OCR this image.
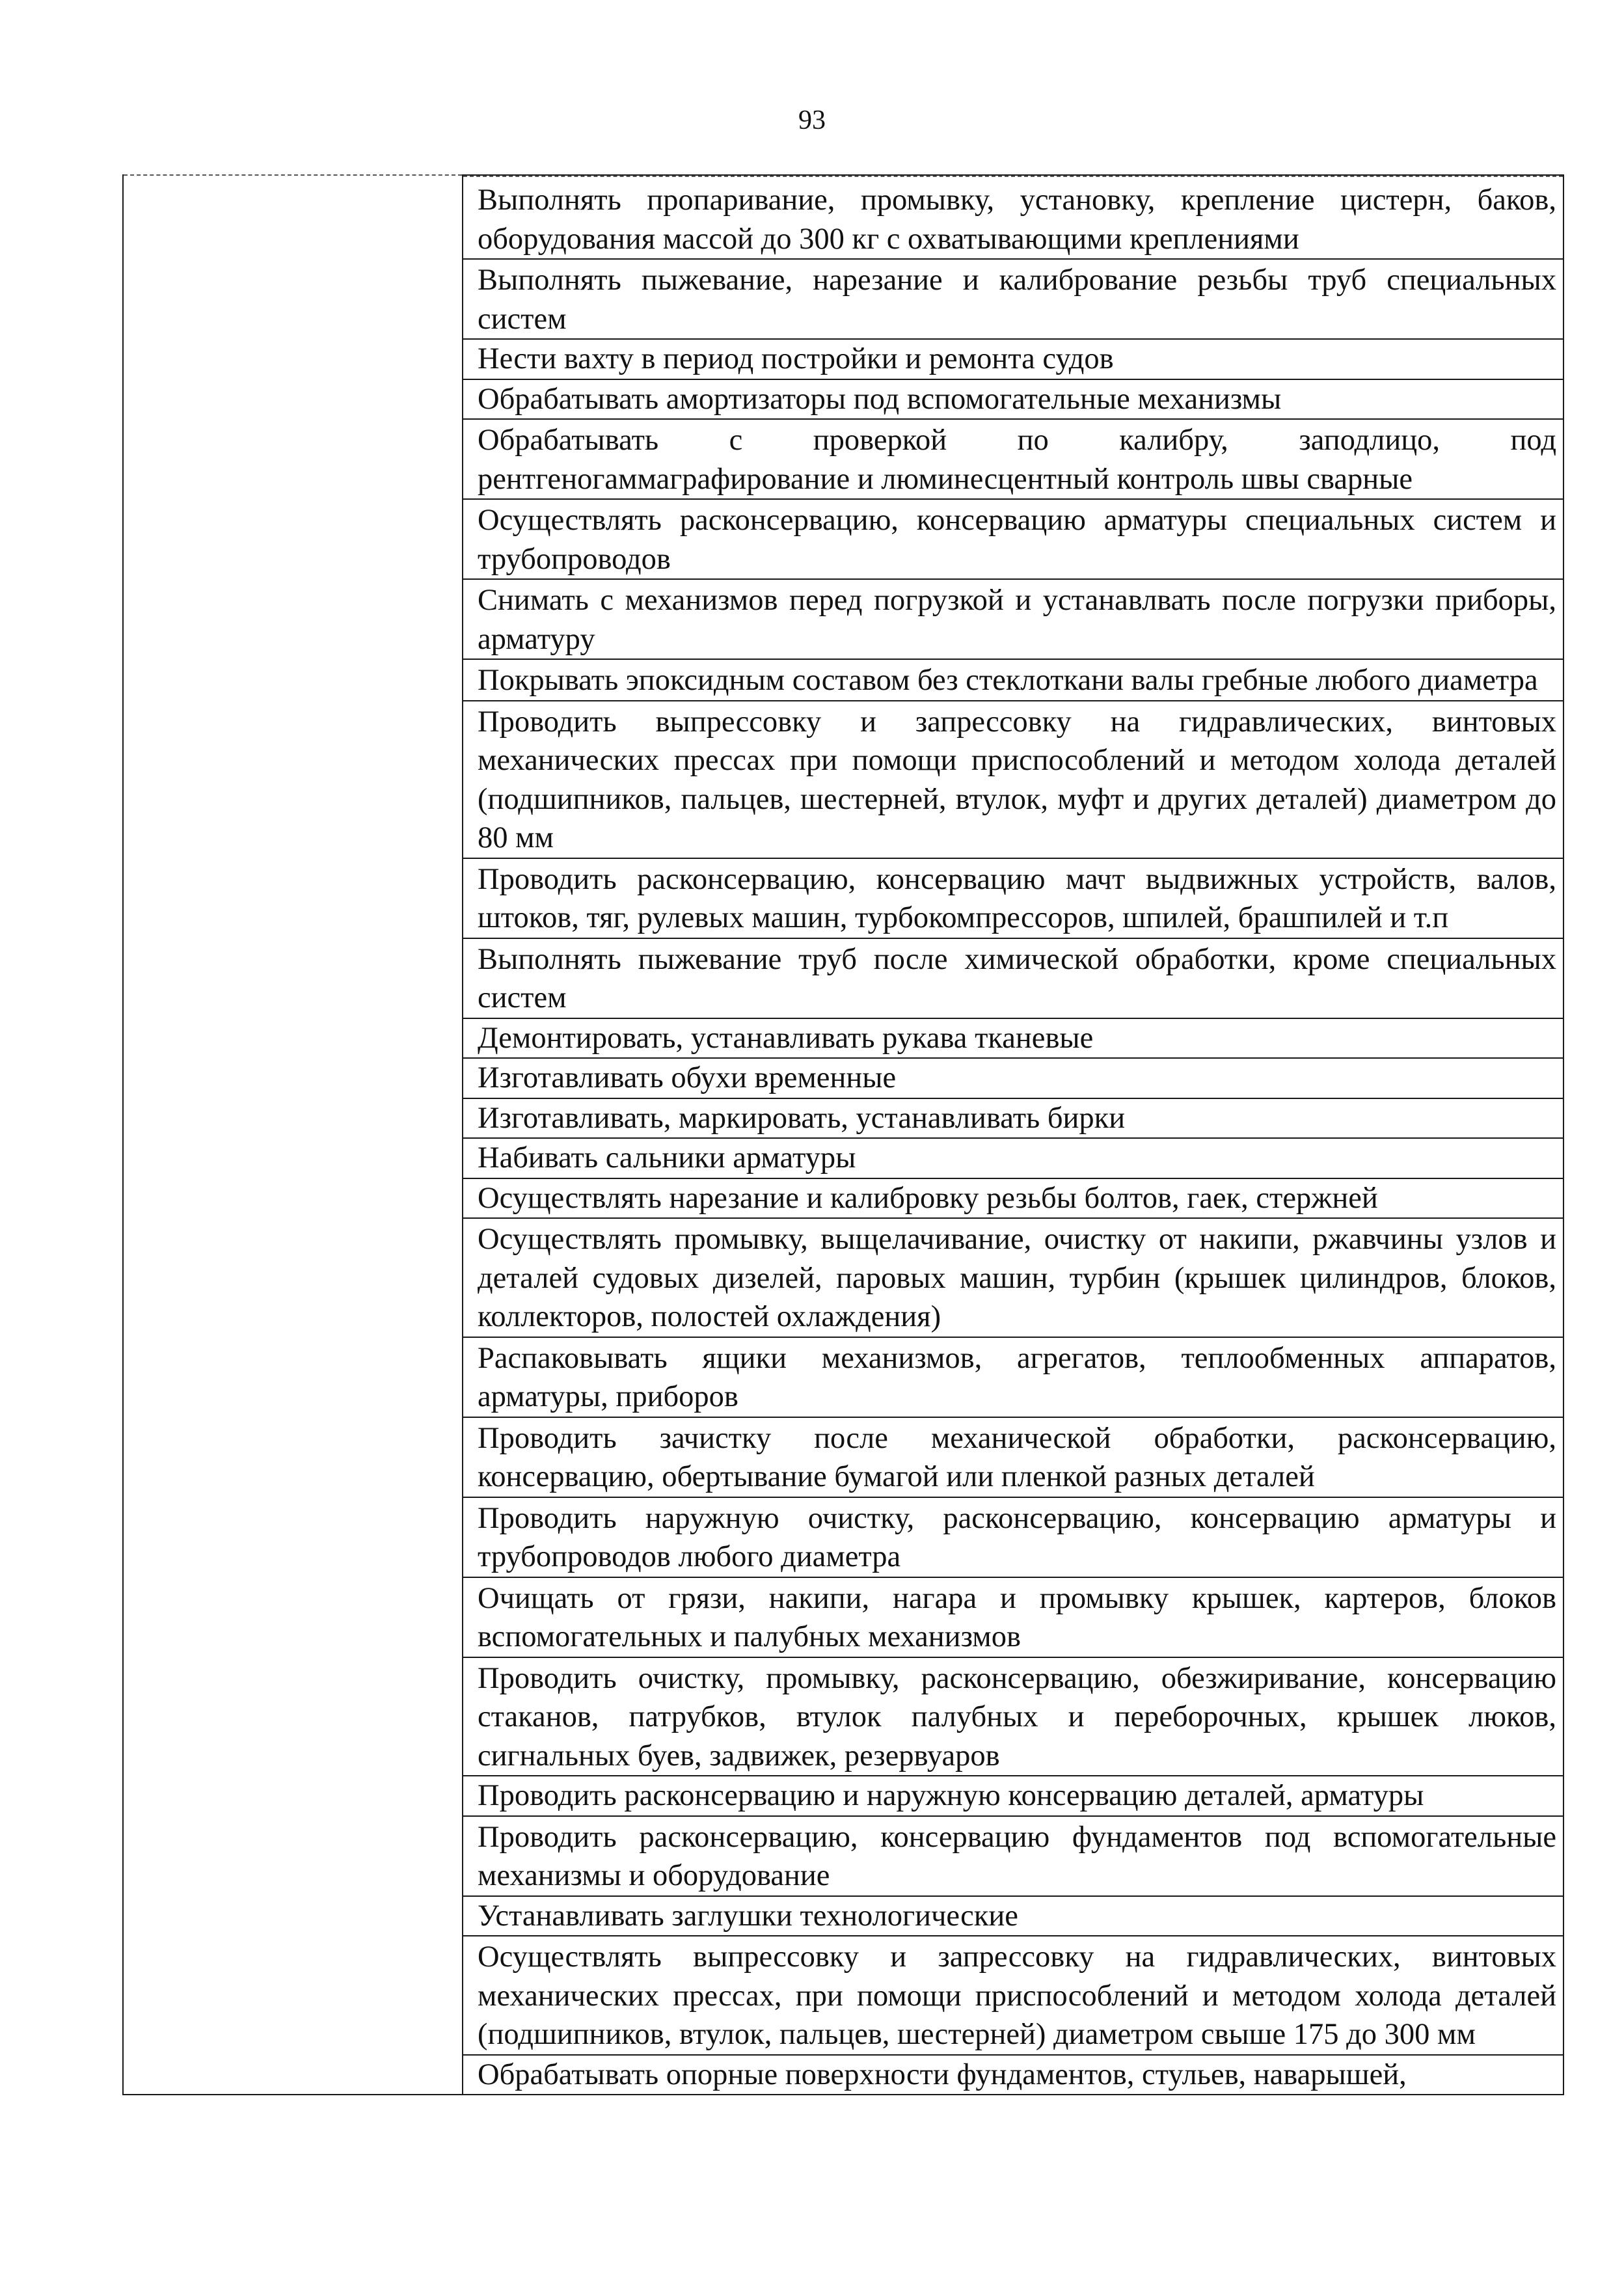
93

Выполнять пропаривание, промывку, установку, крепление цистерн, баков, оборудования массой до 300 кг с охватывающими креплениями
Выполнять пыжевание, нарезание и калибрование резьбы труб специальных систем
Нести вахту в период постройки и ремонта судов
Обрабатывать амортизаторы под вспомогательные механизмы
Обрабатывать с проверкой по калибру, заподлицо, под рентгеногаммаграфирование и люминесцентный контроль швы сварные
Осуществлять расконсервацию, консервацию арматуры специальных систем и трубопроводов
Снимать с механизмов перед погрузкой и устанавлвать после погрузки приборы, арматуру
Покрывать эпоксидным составом без стеклоткани валы гребные любого диаметра
Проводить выпрессовку и запрессовку на гидравлических, винтовых механических прессах при помощи приспособлений и методом холода деталей (подшипников, пальцев, шестерней, втулок, муфт и других деталей) диаметром до 80 мм
Проводить расконсервацию, консервацию мачт выдвижных устройств, валов, штоков, тяг, рулевых машин, турбокомпрессоров, шпилей, брашпилей и т.п
Выполнять пыжевание труб после химической обработки, кроме специальных систем
Демонтировать, устанавливать рукава тканевые
Изготавливать обухи временные
Изготавливать, маркировать, устанавливать бирки
Набивать сальники арматуры
Осуществлять нарезание и калибровку резьбы болтов, гаек, стержней
Осуществлять промывку, выщелачивание, очистку от накипи, ржавчины узлов и деталей судовых дизелей, паровых машин, турбин (крышек цилиндров, блоков, коллекторов, полостей охлаждения)
Распаковывать ящики механизмов, агрегатов, теплообменных аппаратов, арматуры, приборов
Проводить зачистку после механической обработки, расконсервацию, консервацию, обертывание бумагой или пленкой разных деталей
Проводить наружную очистку, расконсервацию, консервацию арматуры и трубопроводов любого диаметра
Очищать от грязи, накипи, нагара и промывку крышек, картеров, блоков вспомогательных и палубных механизмов
Проводить очистку, промывку, расконсервацию, обезжиривание, консервацию стаканов, патрубков, втулок палубных и переборочных, крышек люков, сигнальных буев, задвижек, резервуаров
Проводить расконсервацию и наружную консервацию деталей, арматуры
Проводить расконсервацию, консервацию фундаментов под вспомогательные механизмы и оборудование
Устанавливать заглушки технологические
Осуществлять выпрессовку и запрессовку на гидравлических, винтовых механических прессах, при помощи приспособлений и методом холода деталей (подшипников, втулок, пальцев, шестерней) диаметром свыше 175 до 300 мм
Обрабатывать опорные поверхности фундаментов, стульев, наварышей,
